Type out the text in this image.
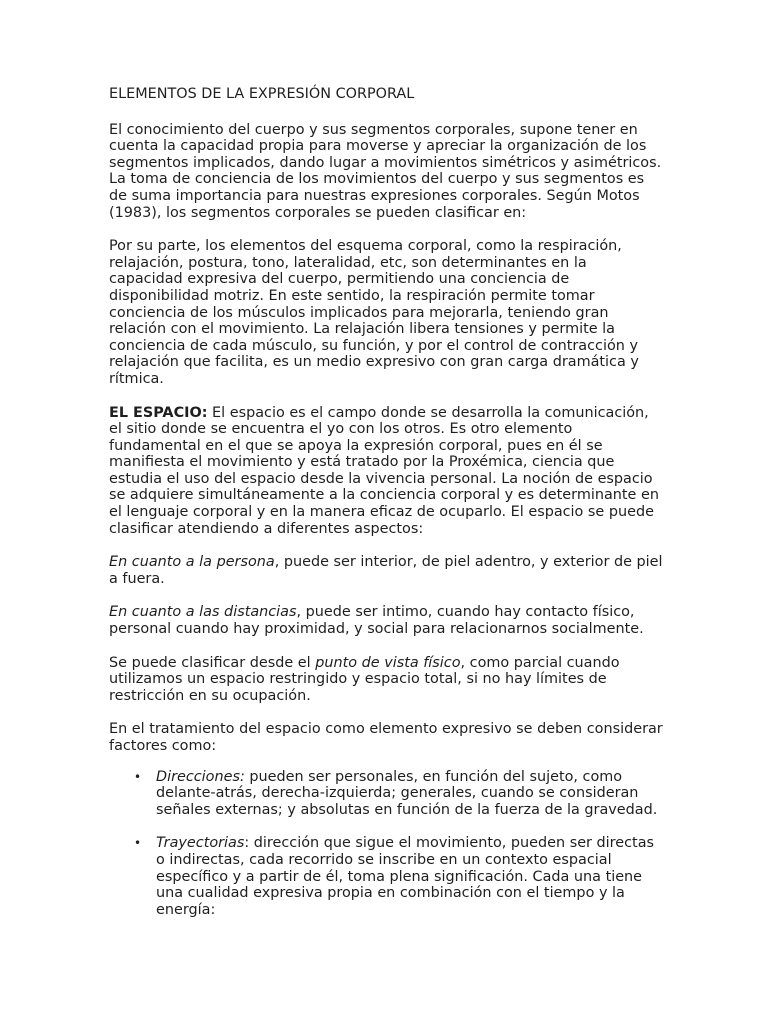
ELEMENTOS DE LA EXPRESIÓN CORPORAL

El conocimiento del cuerpo y sus segmentos corporales, supone tener en cuenta la capacidad propia para moverse y apreciar la organización de los segmentos implicados, dando lugar a movimientos simétricos y asimétricos. La toma de conciencia de los movimientos del cuerpo y sus segmentos es de suma importancia para nuestras expresiones corporales. Según Motos (1983), los segmentos corporales se pueden clasificar en:

Por su parte, los elementos del esquema corporal, como la respiración, relajación, postura, tono, lateralidad, etc, son determinantes en la capacidad expresiva del cuerpo, permitiendo una conciencia de disponibilidad motriz. En este sentido, la respiración permite tomar conciencia de los músculos implicados para mejorarla, teniendo gran relación con el movimiento. La relajación libera tensiones y permite la conciencia de cada músculo, su función, y por el control de contracción y relajación que facilita, es un medio expresivo con gran carga dramática y rítmica.

EL ESPACIO: El espacio es el campo donde se desarrolla la comunicación, el sitio donde se encuentra el yo con los otros. Es otro elemento fundamental en el que se apoya la expresión corporal, pues en él se manifiesta el movimiento y está tratado por la Proxémica, ciencia que estudia el uso del espacio desde la vivencia personal. La noción de espacio se adquiere simultáneamente a la conciencia corporal y es determinante en el lenguaje corporal y en la manera eficaz de ocuparlo. El espacio se puede clasificar atendiendo a diferentes aspectos:

En cuanto a la persona, puede ser interior, de piel adentro, y exterior de piel a fuera.

En cuanto a las distancias, puede ser intimo, cuando hay contacto físico, personal cuando hay proximidad, y social para relacionarnos socialmente.

Se puede clasificar desde el punto de vista físico, como parcial cuando utilizamos un espacio restringido y espacio total, si no hay límites de restricción en su ocupación.

En el tratamiento del espacio como elemento expresivo se deben considerar factores como:

• Direcciones: pueden ser personales, en función del sujeto, como delante-atrás, derecha-izquierda; generales, cuando se consideran señales externas; y absolutas en función de la fuerza de la gravedad.
• Trayectorias: dirección que sigue el movimiento, pueden ser directas o indirectas, cada recorrido se inscribe en un contexto espacial específico y a partir de él, toma plena significación. Cada una tiene una cualidad expresiva propia en combinación con el tiempo y la energía:
